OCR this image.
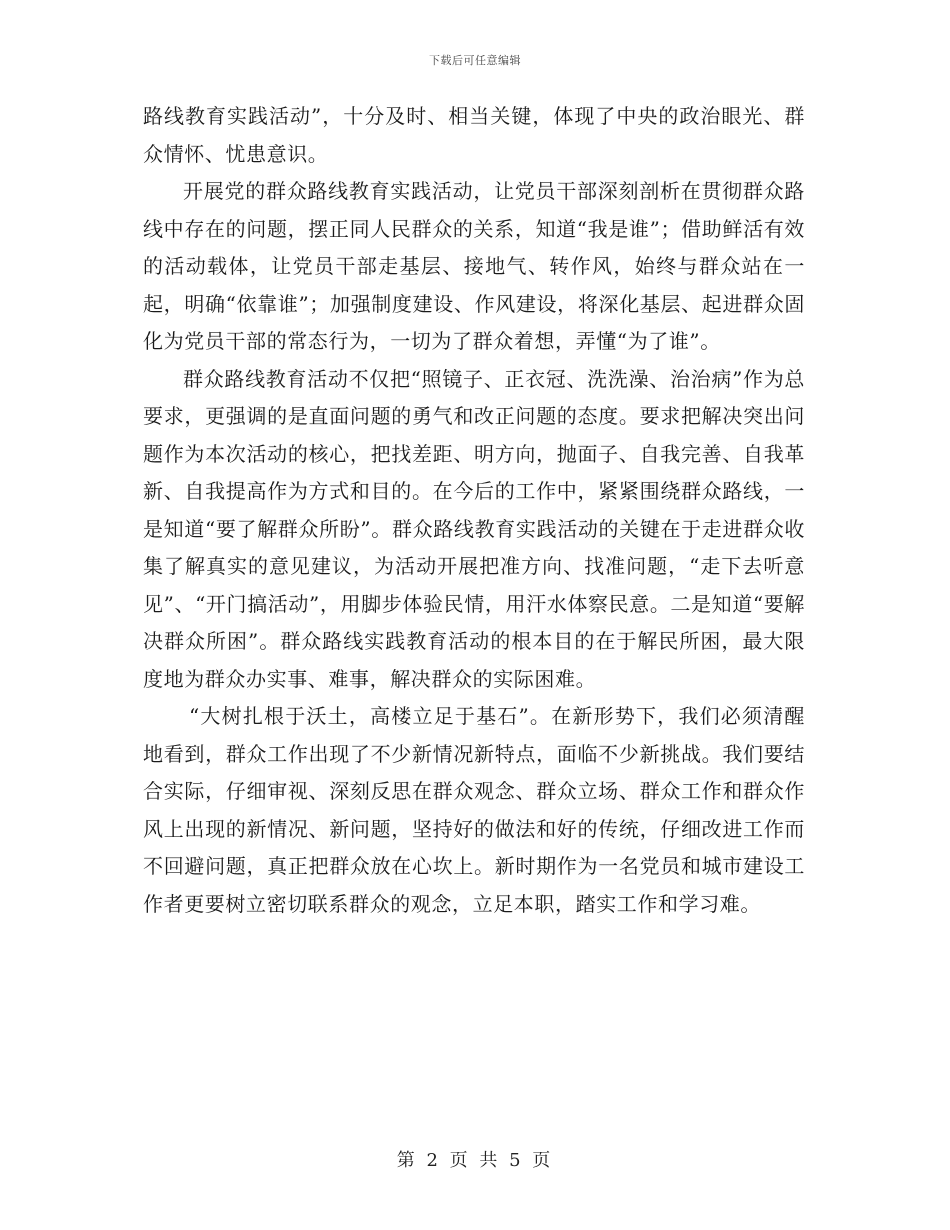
下载后可任意编辑

路线教育实践活动”，十分及时、相当关键，体现了中央的政治眼光、群众情怀、忧患意识。

开展党的群众路线教育实践活动，让党员干部深刻剖析在贯彻群众路线中存在的问题，摆正同人民群众的关系，知道“我是谁”；借助鲜活有效的活动载体，让党员干部走基层、接地气、转作风，始终与群众站在一起，明确“依靠谁”；加强制度建设、作风建设，将深化基层、起进群众固化为党员干部的常态行为，一切为了群众着想，弄懂“为了谁”。

群众路线教育活动不仅把“照镜子、正衣冠、洗洗澡、治治病”作为总要求，更强调的是直面问题的勇气和改正问题的态度。要求把解决突出问题作为本次活动的核心，把找差距、明方向，抛面子、自我完善、自我革新、自我提高作为方式和目的。在今后的工作中，紧紧围绕群众路线，一是知道“要了解群众所盼”。群众路线教育实践活动的关键在于走进群众收集了解真实的意见建议，为活动开展把准方向、找准问题，“走下去听意见”、“开门搞活动”，用脚步体验民情，用汗水体察民意。二是知道“要解决群众所困”。群众路线实践教育活动的根本目的在于解民所困，最大限度地为群众办实事、难事，解决群众的实际困难。

“大树扎根于沃土，高楼立足于基石”。在新形势下，我们必须清醒地看到，群众工作出现了不少新情况新特点，面临不少新挑战。我们要结合实际，仔细审视、深刻反思在群众观念、群众立场、群众工作和群众作风上出现的新情况、新问题，坚持好的做法和好的传统，仔细改进工作而不回避问题，真正把群众放在心坎上。新时期作为一名党员和城市建设工作者更要树立密切联系群众的观念，立足本职，踏实工作和学习难。

第 2 页 共 5 页
